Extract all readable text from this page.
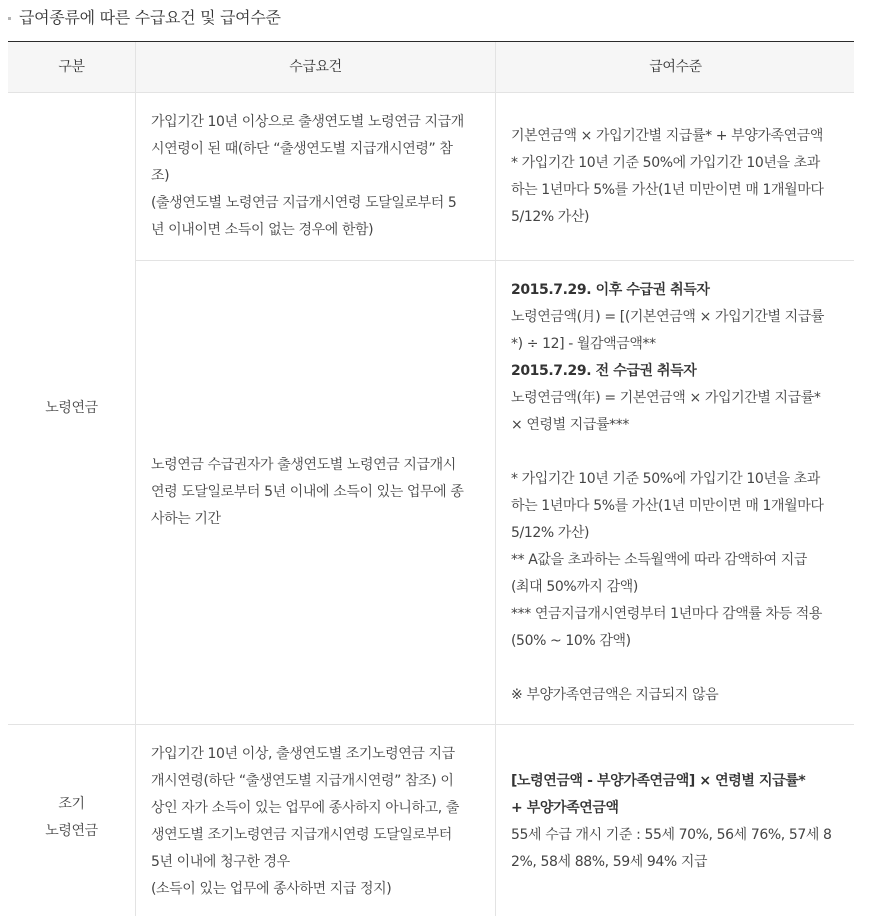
급여종류에 따른 수급요건 및 급여수준
구분	수급요건	급여수준
노령연금
가입기간 10년 이상으로 출생연도별 노령연금 지급개
시연령이 된 때(하단 “출생연도별 지급개시연령” 참
조)
(출생연도별 노령연금 지급개시연령 도달일로부터 5
년 이내이면 소득이 없는 경우에 한함)
기본연금액 × 가입기간별 지급률* + 부양가족연금액
* 가입기간 10년 기준 50%에 가입기간 10년을 초과
하는 1년마다 5%를 가산(1년 미만이면 매 1개월마다
5/12% 가산)
노령연금 수급권자가 출생연도별 노령연금 지급개시
연령 도달일로부터 5년 이내에 소득이 있는 업무에 종
사하는 기간
2015.7.29. 이후 수급권 취득자
노령연금액(月) = [(기본연금액 × 가입기간별 지급률
*) ÷ 12] - 월감액금액**
2015.7.29. 전 수급권 취득자
노령연금액(年) = 기본연금액 × 가입기간별 지급률*
× 연령별 지급률***
* 가입기간 10년 기준 50%에 가입기간 10년을 초과
하는 1년마다 5%를 가산(1년 미만이면 매 1개월마다
5/12% 가산)
** A값을 초과하는 소득월액에 따라 감액하여 지급
(최대 50%까지 감액)
*** 연금지급개시연령부터 1년마다 감액률 차등 적용
(50% ~ 10% 감액)
※ 부양가족연금액은 지급되지 않음
조기
노령연금
가입기간 10년 이상, 출생연도별 조기노령연금 지급
개시연령(하단 “출생연도별 지급개시연령” 참조) 이
상인 자가 소득이 있는 업무에 종사하지 아니하고, 출
생연도별 조기노령연금 지급개시연령 도달일로부터
5년 이내에 청구한 경우
(소득이 있는 업무에 종사하면 지급 정지)
[노령연금액 - 부양가족연금액] × 연령별 지급률*
+ 부양가족연금액
55세 수급 개시 기준 : 55세 70%, 56세 76%, 57세 8
2%, 58세 88%, 59세 94% 지급
